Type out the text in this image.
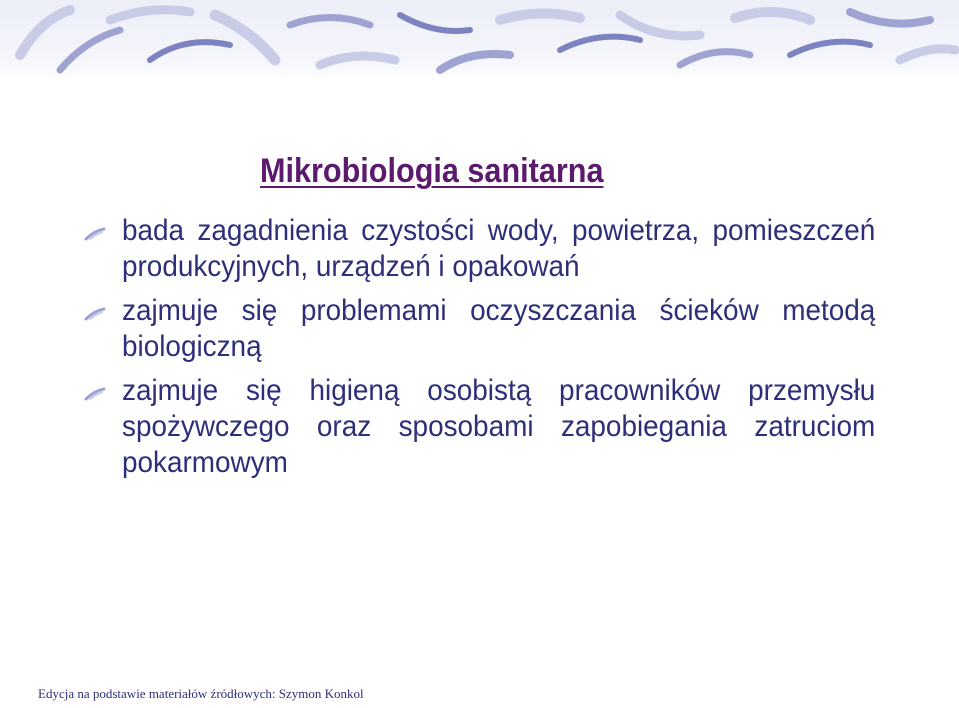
Mikrobiologia sanitarna
bada zagadnienia czystości wody, powietrza, pomieszczeń produkcyjnych, urządzeń i opakowań
zajmuje się problemami oczyszczania ścieków metodą biologiczną
zajmuje się higieną osobistą pracowników przemysłu spożywczego oraz sposobami zapobiegania zatruciom pokarmowym
Edycja na podstawie materiałów źródłowych: Szymon Konkol
